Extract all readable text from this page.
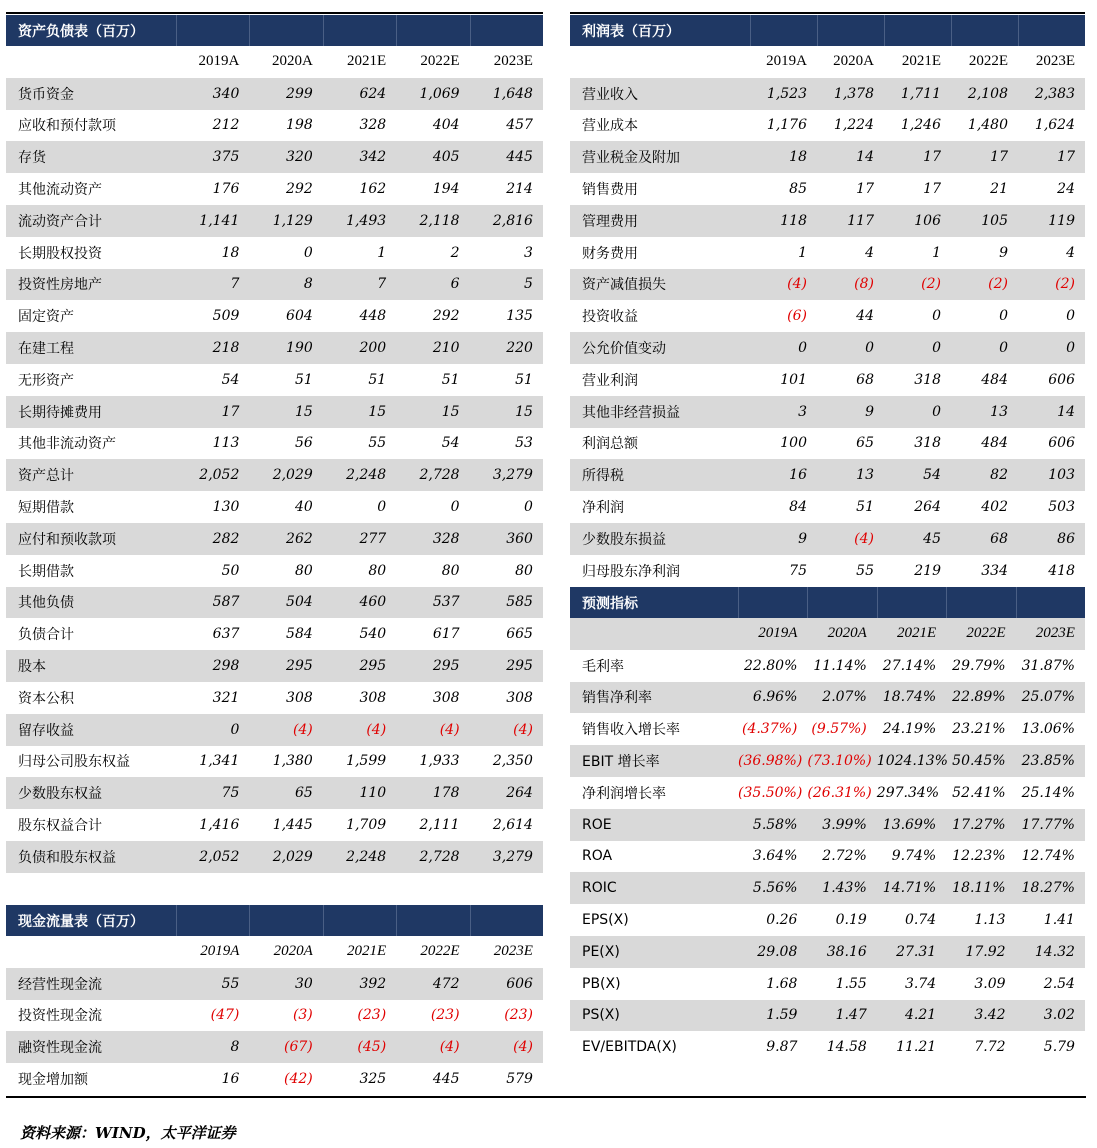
资产负债表（百万）
2019A	2020A	2021E	2022E	2023E
货币资金	340	299	624	1,069	1,648
应收和预付款项	212	198	328	404	457
存货	375	320	342	405	445
其他流动资产	176	292	162	194	214
流动资产合计	1,141	1,129	1,493	2,118	2,816
长期股权投资	18	0	1	2	3
投资性房地产	7	8	7	6	5
固定资产	509	604	448	292	135
在建工程	218	190	200	210	220
无形资产	54	51	51	51	51
长期待摊费用	17	15	15	15	15
其他非流动资产	113	56	55	54	53
资产总计	2,052	2,029	2,248	2,728	3,279
短期借款	130	40	0	0	0
应付和预收款项	282	262	277	328	360
长期借款	50	80	80	80	80
其他负债	587	504	460	537	585
负债合计	637	584	540	617	665
股本	298	295	295	295	295
资本公积	321	308	308	308	308
留存收益	0	(4)	(4)	(4)	(4)
归母公司股东权益	1,341	1,380	1,599	1,933	2,350
少数股东权益	75	65	110	178	264
股东权益合计	1,416	1,445	1,709	2,111	2,614
负债和股东权益	2,052	2,029	2,248	2,728	3,279
现金流量表（百万）
2019A	2020A	2021E	2022E	2023E
经营性现金流	55	30	392	472	606
投资性现金流	(47)	(3)	(23)	(23)	(23)
融资性现金流	8	(67)	(45)	(4)	(4)
现金增加额	16	(42)	325	445	579
利润表（百万）
2019A	2020A	2021E	2022E	2023E
营业收入	1,523	1,378	1,711	2,108	2,383
营业成本	1,176	1,224	1,246	1,480	1,624
营业税金及附加	18	14	17	17	17
销售费用	85	17	17	21	24
管理费用	118	117	106	105	119
财务费用	1	4	1	9	4
资产减值损失	(4)	(8)	(2)	(2)	(2)
投资收益	(6)	44	0	0	0
公允价值变动	0	0	0	0	0
营业利润	101	68	318	484	606
其他非经营损益	3	9	0	13	14
利润总额	100	65	318	484	606
所得税	16	13	54	82	103
净利润	84	51	264	402	503
少数股东损益	9	(4)	45	68	86
归母股东净利润	75	55	219	334	418
预测指标
2019A	2020A	2021E	2022E	2023E
毛利率	22.80%	11.14%	27.14%	29.79%	31.87%
销售净利率	6.96%	2.07%	18.74%	22.89%	25.07%
销售收入增长率	(4.37%) (9.57%)	24.19%	23.21%	13.06%
EBIT 增长率	(36.98%) (73.10%) 1024.13% 50.45%	23.85%
净利润增长率	(35.50%) (26.31%) 297.34% 52.41%	25.14%
ROE	5.58%	3.99%	13.69%	17.27%	17.77%
ROA	3.64%	2.72%	9.74%	12.23%	12.74%
ROIC	5.56%	1.43%	14.71%	18.11%	18.27%
EPS(X)	0.26	0.19	0.74	1.13	1.41
PE(X)	29.08	38.16	27.31	17.92	14.32
PB(X)	1.68	1.55	3.74	3.09	2.54
PS(X)	1.59	1.47	4.21	3.42	3.02
EV/EBITDA(X)	9.87	14.58	11.21	7.72	5.79
资料来源：WIND，太平洋证券
